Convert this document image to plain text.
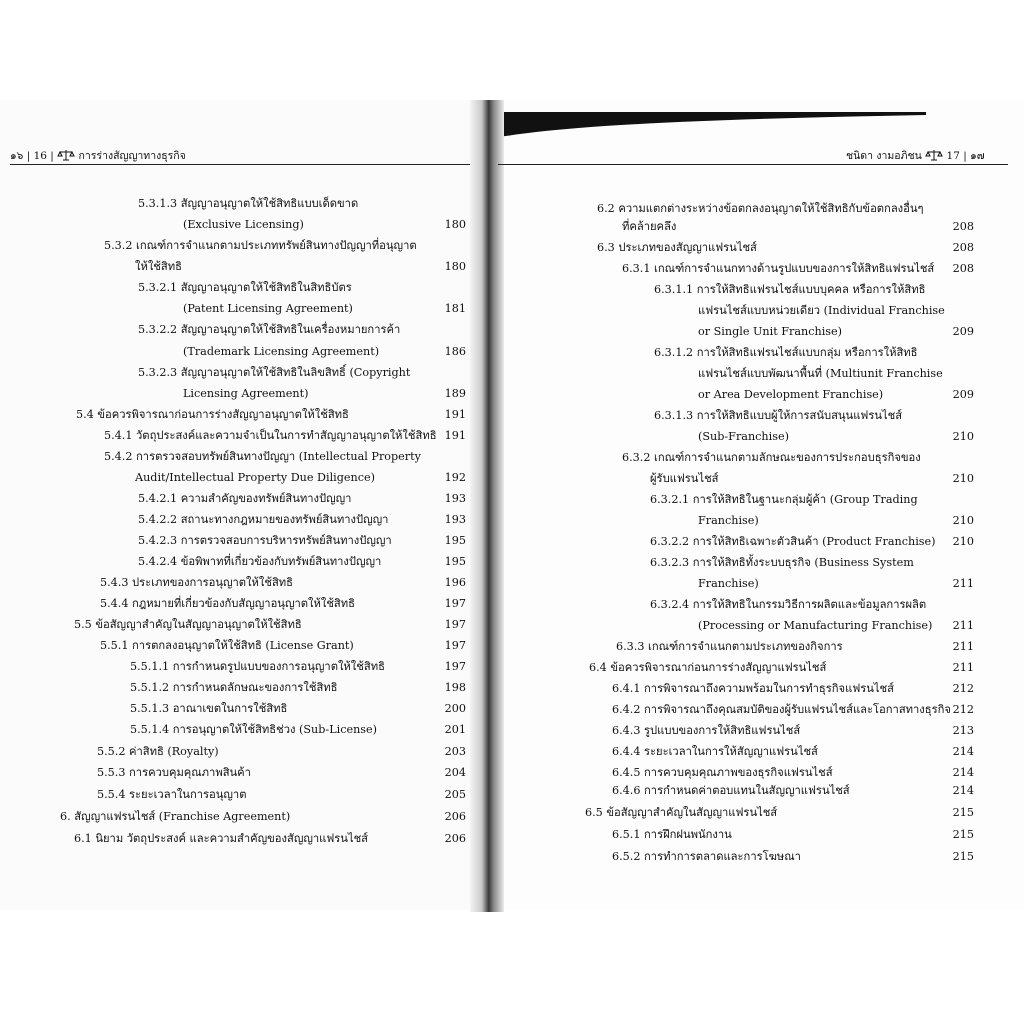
๑๖ | 16 |  การร่างสัญญาทางธุรกิจ	ชนิดา งามอภิชน 17 | ๑๗
5.3.1.3 สัญญาอนุญาตให้ใช้สิทธิแบบเด็ดขาด
(Exclusive Licensing)	180
5.3.2 เกณฑ์การจำแนกตามประเภททรัพย์สินทางปัญญาที่อนุญาต
ให้ใช้สิทธิ	180
5.3.2.1 สัญญาอนุญาตให้ใช้สิทธิในสิทธิบัตร
(Patent Licensing Agreement)	181
5.3.2.2 สัญญาอนุญาตให้ใช้สิทธิในเครื่องหมายการค้า
(Trademark Licensing Agreement)	186
5.3.2.3 สัญญาอนุญาตให้ใช้สิทธิในลิขสิทธิ์ (Copyright
Licensing Agreement)	189
5.4 ข้อควรพิจารณาก่อนการร่างสัญญาอนุญาตให้ใช้สิทธิ	191
5.4.1 วัตถุประสงค์และความจำเป็นในการทำสัญญาอนุญาตให้ใช้สิทธิ 191
5.4.2 การตรวจสอบทรัพย์สินทางปัญญา (Intellectual Property
Audit/Intellectual Property Due Diligence)	192
5.4.2.1 ความสำคัญของทรัพย์สินทางปัญญา	193
5.4.2.2 สถานะทางกฎหมายของทรัพย์สินทางปัญญา	193
5.4.2.3 การตรวจสอบการบริหารทรัพย์สินทางปัญญา	195
5.4.2.4 ข้อพิพาทที่เกี่ยวข้องกับทรัพย์สินทางปัญญา	195
5.4.3 ประเภทของการอนุญาตให้ใช้สิทธิ	196
5.4.4 กฎหมายที่เกี่ยวข้องกับสัญญาอนุญาตให้ใช้สิทธิ	197
5.5 ข้อสัญญาสำคัญในสัญญาอนุญาตให้ใช้สิทธิ	197
5.5.1 การตกลงอนุญาตให้ใช้สิทธิ (License Grant)	197
5.5.1.1 การกำหนดรูปแบบของการอนุญาตให้ใช้สิทธิ	197
5.5.1.2 การกำหนดลักษณะของการใช้สิทธิ	198
5.5.1.3 อาณาเขตในการใช้สิทธิ	200
5.5.1.4 การอนุญาตให้ใช้สิทธิช่วง (Sub-License)	201
5.5.2 ค่าสิทธิ (Royalty)	203
5.5.3 การควบคุมคุณภาพสินค้า	204
5.5.4 ระยะเวลาในการอนุญาต	205
6. สัญญาแฟรนไชส์ (Franchise Agreement)	206
6.1 นิยาม วัตถุประสงค์ และความสำคัญของสัญญาแฟรนไชส์	206
6.2 ความแตกต่างระหว่างข้อตกลงอนุญาตให้ใช้สิทธิกับข้อตกลงอื่นๆ
ที่คล้ายคลึง	208
6.3 ประเภทของสัญญาแฟรนไชส์	208
6.3.1 เกณฑ์การจำแนกทางด้านรูปแบบของการให้สิทธิแฟรนไชส์	208
6.3.1.1 การให้สิทธิแฟรนไชส์แบบบุคคล หรือการให้สิทธิ
แฟรนไชส์แบบหน่วยเดียว (Individual Franchise
or Single Unit Franchise)	209
6.3.1.2 การให้สิทธิแฟรนไชส์แบบกลุ่ม หรือการให้สิทธิ
แฟรนไชส์แบบพัฒนาพื้นที่ (Multiunit Franchise
or Area Development Franchise)	209
6.3.1.3 การให้สิทธิแบบผู้ให้การสนับสนุนแฟรนไชส์
(Sub-Franchise)	210
6.3.2 เกณฑ์การจำแนกตามลักษณะของการประกอบธุรกิจของ
ผู้รับแฟรนไชส์	210
6.3.2.1 การให้สิทธิในฐานะกลุ่มผู้ค้า (Group Trading
Franchise)	210
6.3.2.2 การให้สิทธิเฉพาะตัวสินค้า (Product Franchise)	210
6.3.2.3 การให้สิทธิทั้งระบบธุรกิจ (Business System
Franchise)	211
6.3.2.4 การให้สิทธิในกรรมวิธีการผลิตและข้อมูลการผลิต
(Processing or Manufacturing Franchise)	211
6.3.3 เกณฑ์การจำแนกตามประเภทของกิจการ	211
6.4 ข้อควรพิจารณาก่อนการร่างสัญญาแฟรนไชส์	211
6.4.1 การพิจารณาถึงความพร้อมในการทำธุรกิจแฟรนไชส์	212
6.4.2 การพิจารณาถึงคุณสมบัติของผู้รับแฟรนไชส์และโอกาสทางธุรกิจ 212
6.4.3 รูปแบบของการให้สิทธิแฟรนไชส์	213
6.4.4 ระยะเวลาในการให้สัญญาแฟรนไชส์	214
6.4.5 การควบคุมคุณภาพของธุรกิจแฟรนไชส์	214
6.4.6 การกำหนดค่าตอบแทนในสัญญาแฟรนไชส์	214
6.5 ข้อสัญญาสำคัญในสัญญาแฟรนไชส์	215
6.5.1 การฝึกฝนพนักงาน	215
6.5.2 การทำการตลาดและการโฆษณา	215
